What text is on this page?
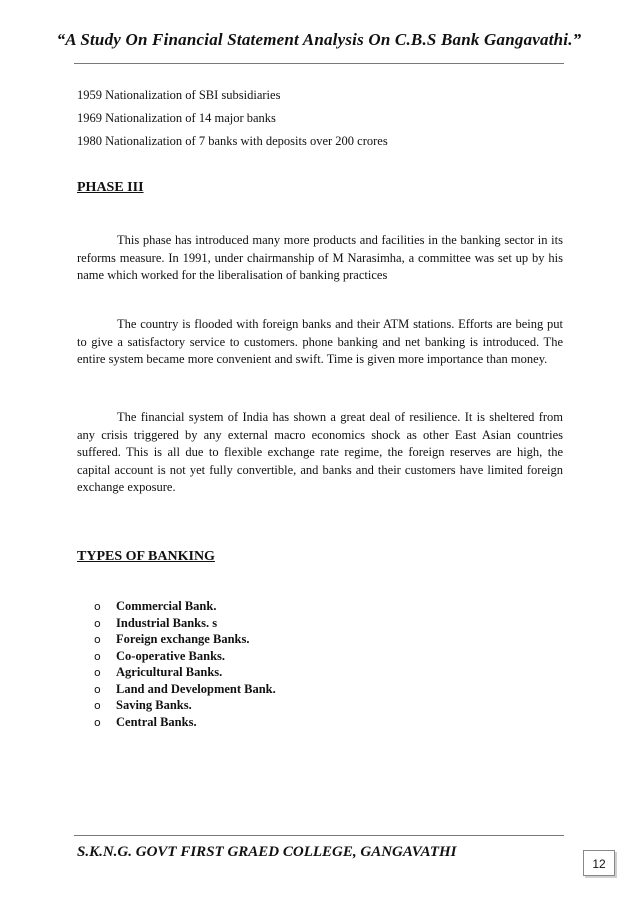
“A Study On Financial Statement Analysis On C.B.S Bank Gangavathi.”
1959 Nationalization of SBI subsidiaries
1969 Nationalization of 14 major banks
1980 Nationalization of 7 banks with deposits over 200 crores
PHASE III

This phase has introduced many more products and facilities in the banking sector in its reforms measure. In 1991, under chairmanship of M Narasimha, a committee was set up by his name which worked for the liberalisation of banking practices

The country is flooded with foreign banks and their ATM stations. Efforts are being put to give a satisfactory service to customers. phone banking and net banking is introduced. The entire system became more convenient and swift. Time is given more importance than money.

The financial system of India has shown a great deal of resilience. It is sheltered from any crisis triggered by any external macro economics shock as other East Asian countries suffered. This is all due to flexible exchange rate regime, the foreign reserves are high, the capital account is not yet fully convertible, and banks and their customers have limited foreign exchange exposure.

TYPES OF BANKING
o Commercial Bank.
o Industrial Banks. s
o Foreign exchange Banks.
o Co-operative Banks.
o Agricultural Banks.
o Land and Development Bank.
o Saving Banks.
o Central Banks.
S.K.N.G. GOVT FIRST GRAED COLLEGE, GANGAVATHI
12
